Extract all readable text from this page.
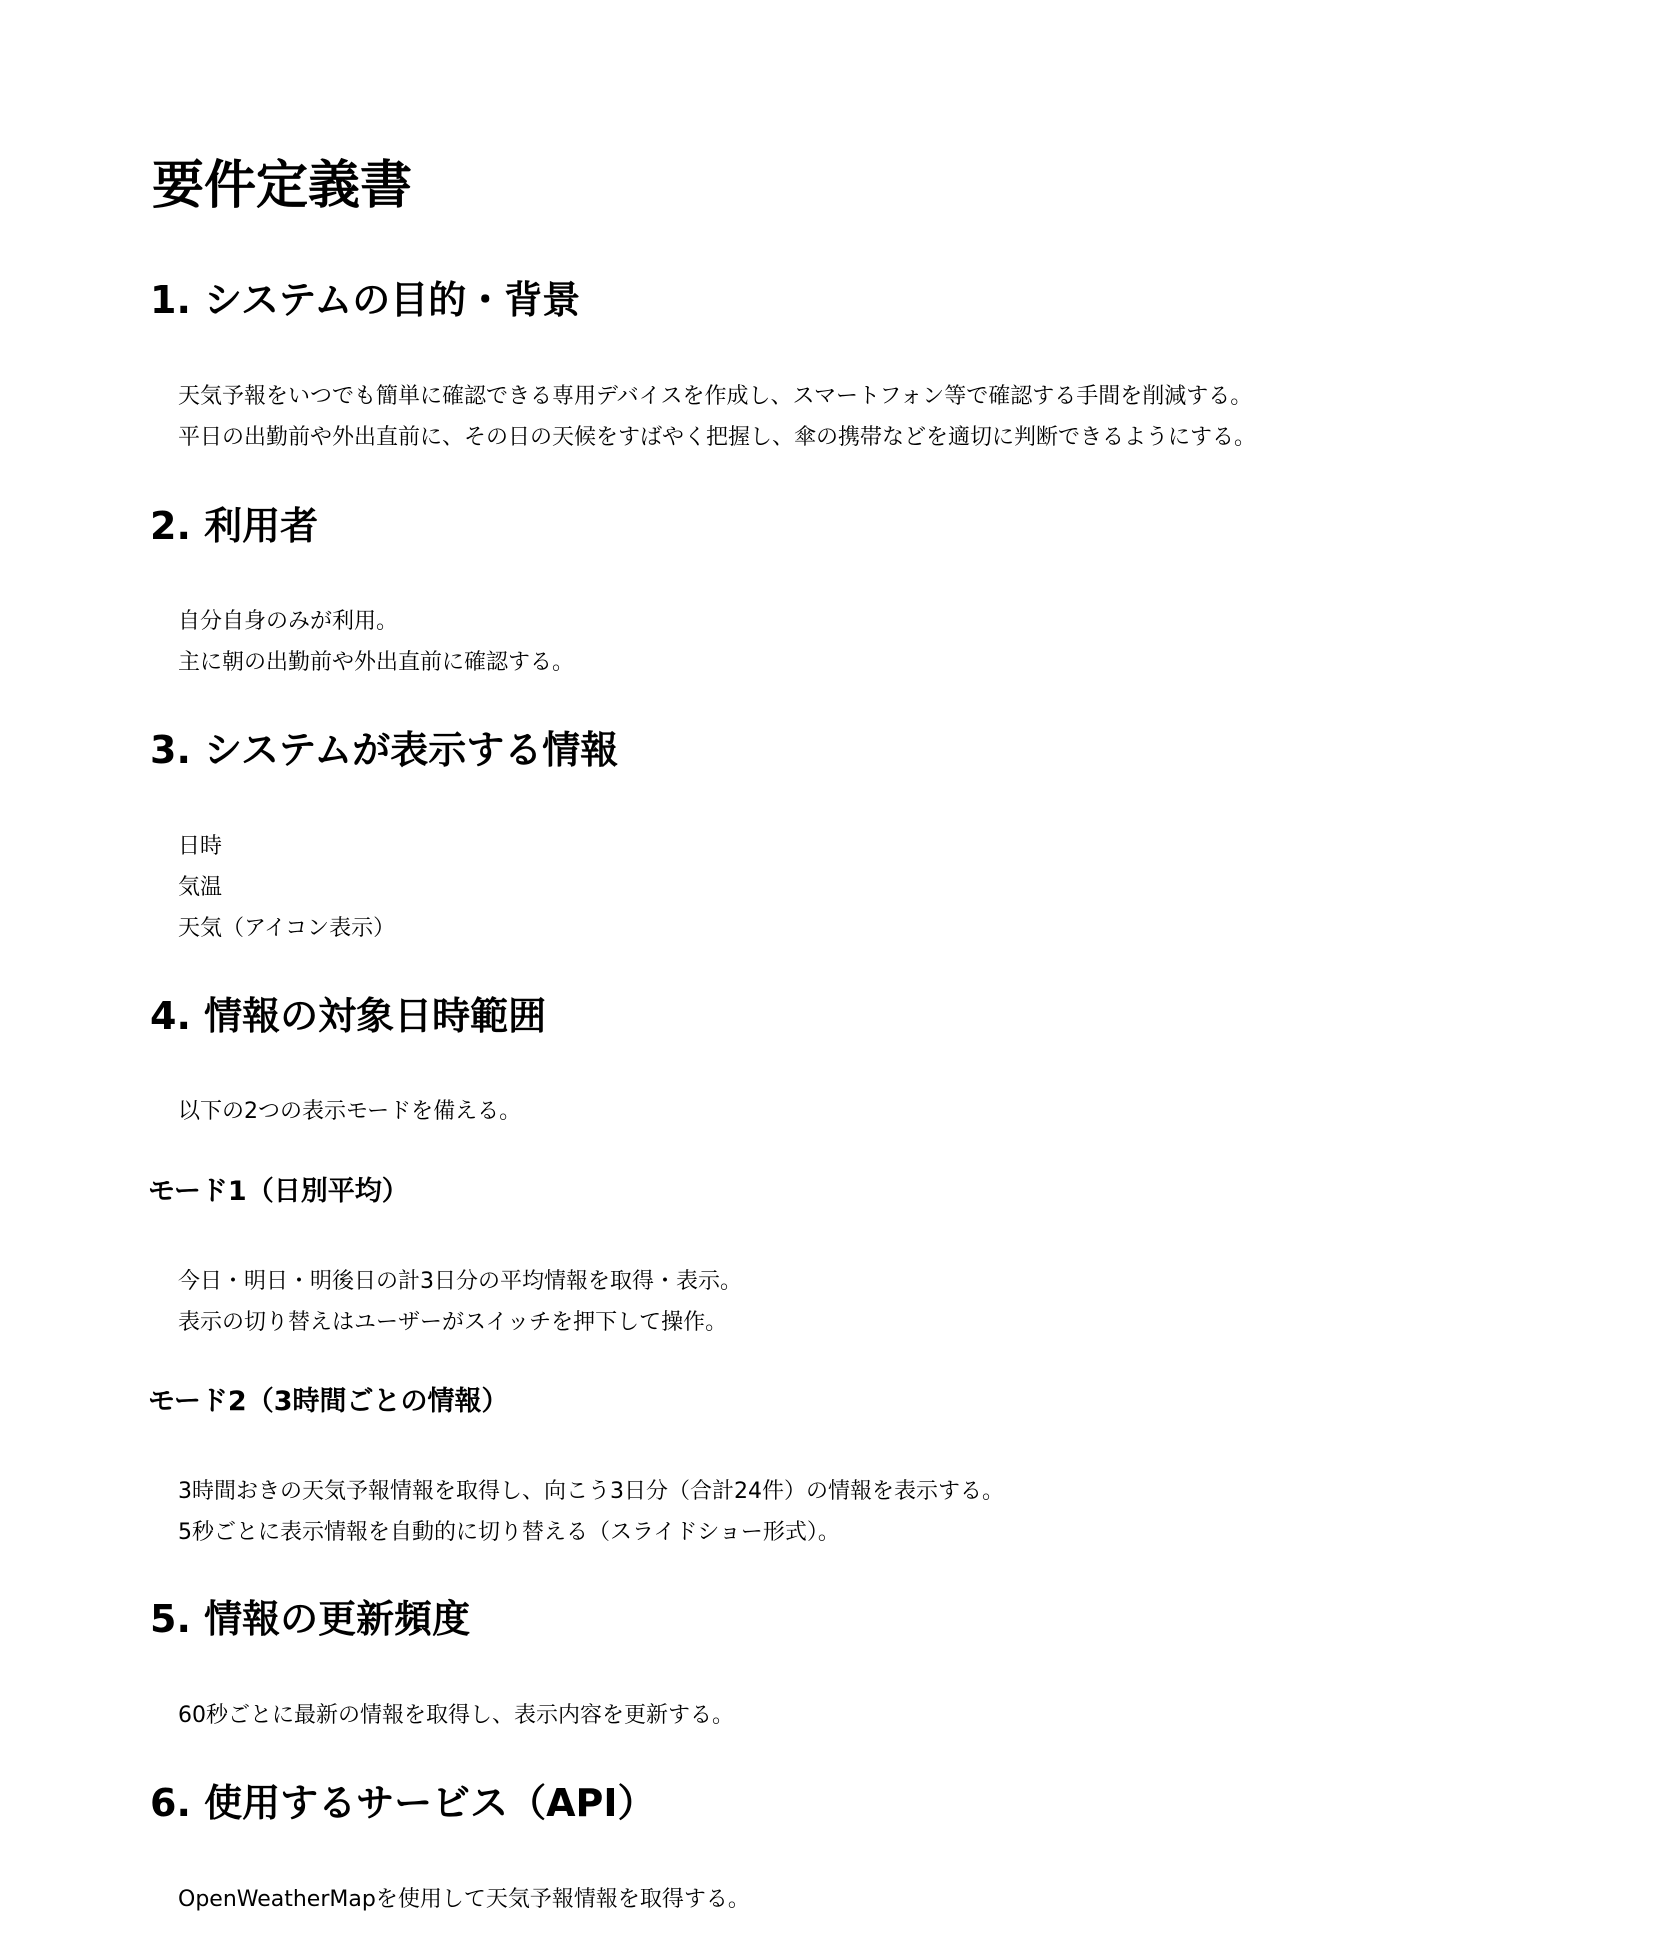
要件定義書
1. システムの目的・背景
天気予報をいつでも簡単に確認できる専用デバイスを作成し、スマートフォン等で確認する手間を削減する。
平日の出勤前や外出直前に、その日の天候をすばやく把握し、傘の携帯などを適切に判断できるようにする。
2. 利用者
自分自身のみが利用。
主に朝の出勤前や外出直前に確認する。
3. システムが表示する情報
日時
気温
天気（アイコン表示）
4. 情報の対象日時範囲
以下の2つの表示モードを備える。
モード1（日別平均）
今日・明日・明後日の計3日分の平均情報を取得・表示。
表示の切り替えはユーザーがスイッチを押下して操作。
モード2（3時間ごとの情報）
3時間おきの天気予報情報を取得し、向こう3日分（合計24件）の情報を表示する。
5秒ごとに表示情報を自動的に切り替える（スライドショー形式）。
5. 情報の更新頻度
60秒ごとに最新の情報を取得し、表示内容を更新する。
6. 使用するサービス（API）
OpenWeatherMapを使用して天気予報情報を取得する。
